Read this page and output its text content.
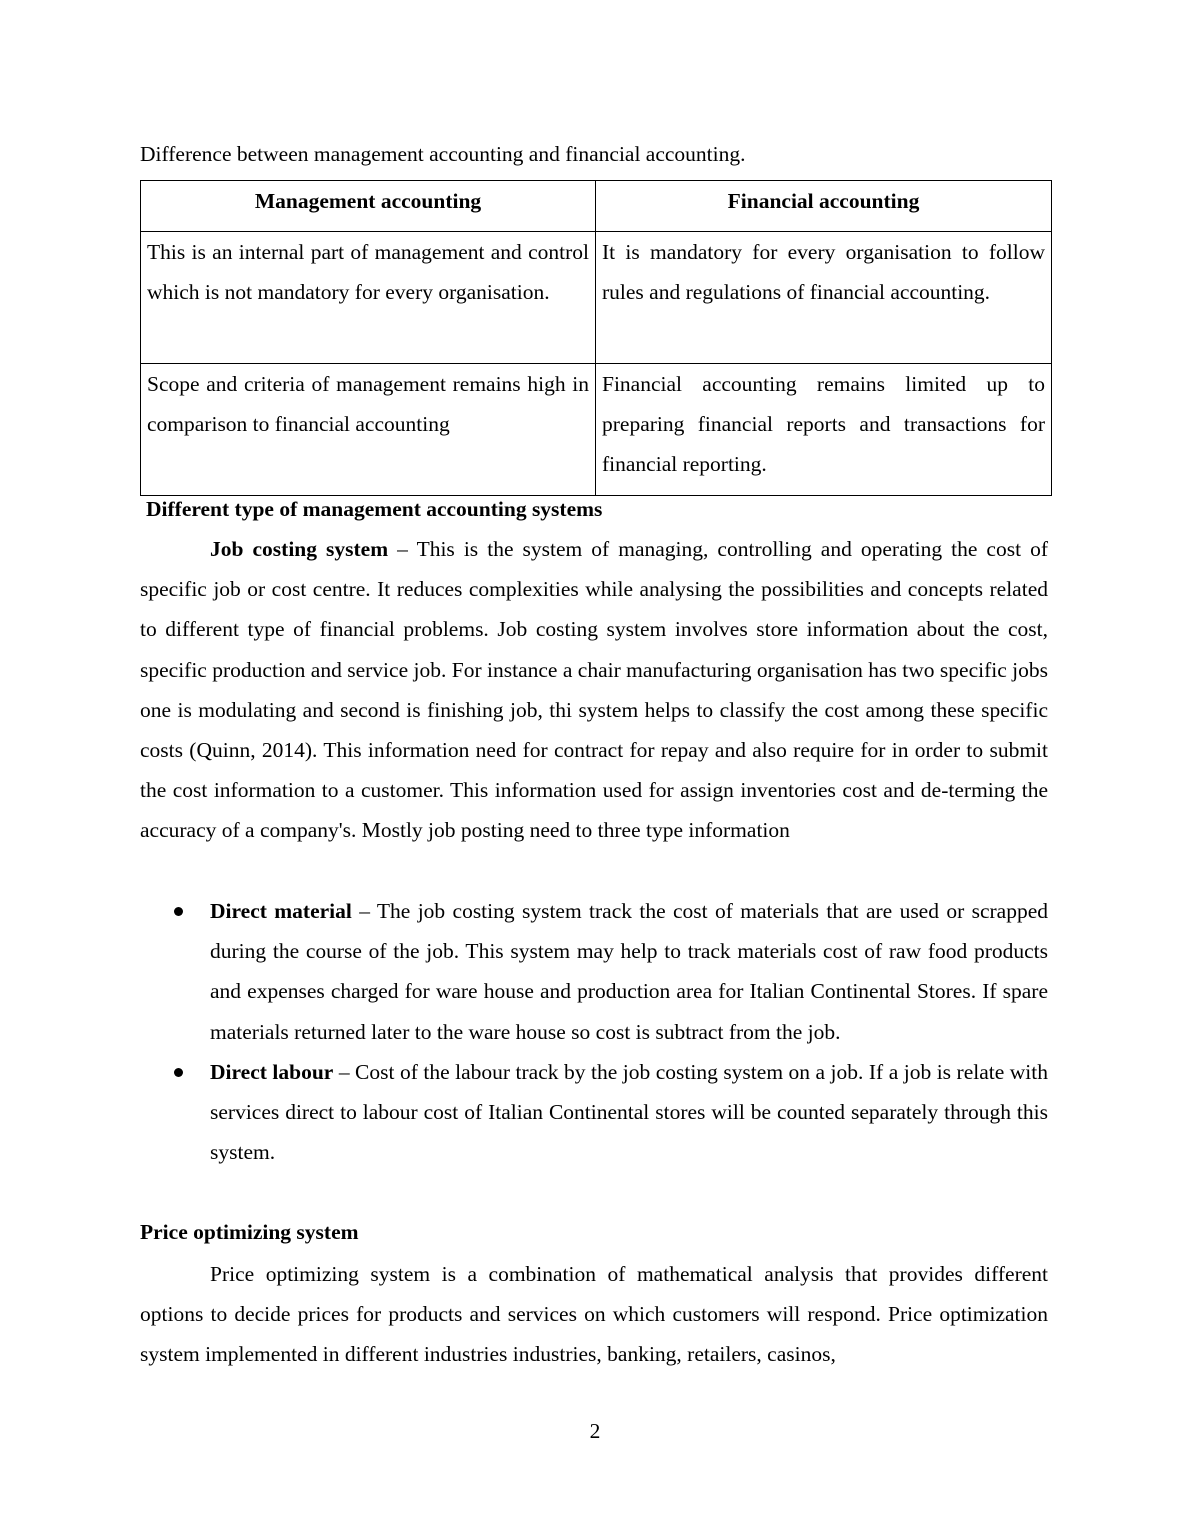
Difference between management accounting and financial accounting.
Management accounting	Financial accounting
This is an internal part of management and control which is not mandatory for every organisation.	It is mandatory for every organisation to follow rules and regulations of financial accounting.
Scope and criteria of management remains high in comparison to financial accounting	Financial accounting remains limited up to preparing financial reports and transactions for financial reporting.
Different type of management accounting systems
Job costing system – This is the system of managing, controlling and operating the cost of specific job or cost centre. It reduces complexities while analysing the possibilities and concepts related to different type of financial problems. Job costing system involves store information about the cost, specific production and service job. For instance a chair manufacturing organisation has two specific jobs one is modulating and second is finishing job, thi system helps to classify the cost among these specific costs (Quinn, 2014). This information need for contract for repay and also require for in order to submit the cost information to a customer. This information used for assign inventories cost and de-terming the accuracy of a company's. Mostly job posting need to three type information
Direct material – The job costing system track the cost of materials that are used or scrapped during the course of the job. This system may help to track materials cost of raw food products and expenses charged for ware house and production area for Italian Continental Stores. If spare materials returned later to the ware house so cost is subtract from the job.
Direct labour – Cost of the labour track by the job costing system on a job. If a job is relate with services direct to labour cost of Italian Continental stores will be counted separately through this system.
Price optimizing system
Price optimizing system is a combination of mathematical analysis that provides different options to decide prices for products and services on which customers will respond. Price optimization system implemented in different industries industries, banking, retailers, casinos,
2
